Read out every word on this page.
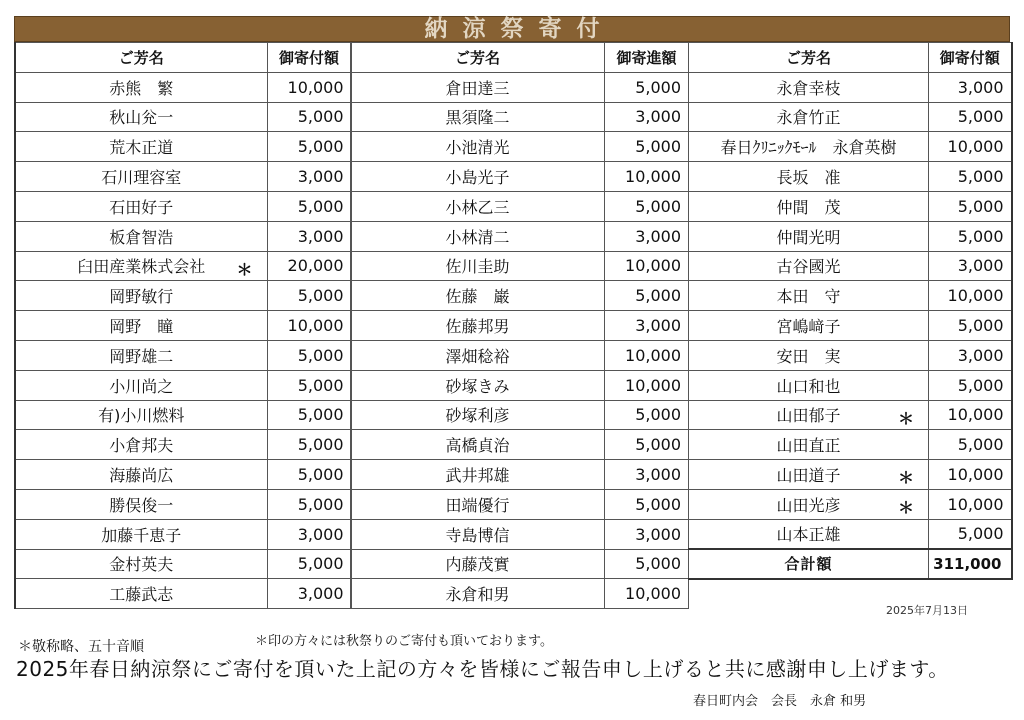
納涼祭寄付
ご芳名	御寄付額
赤熊　繁	10,000
秋山兊一	5,000
荒木正道	5,000
石川理容室	3,000
石田好子	5,000
板倉智浩	3,000
臼田産業株式会社 ＊	20,000
岡野敏行	5,000
岡野　瞳	10,000
岡野雄二	5,000
小川尚之	5,000
有)小川燃料	5,000
小倉邦夫	5,000
海藤尚広	5,000
勝俣俊一	5,000
加藤千恵子	3,000
金村英夫	5,000
工藤武志	3,000
ご芳名	御寄進額
倉田達三	5,000
黒須隆二	3,000
小池清光	5,000
小島光子	10,000
小林乙三	5,000
小林清二	3,000
佐川圭助	10,000
佐藤　巌	5,000
佐藤邦男	3,000
澤畑稔裕	10,000
砂塚きみ	10,000
砂塚利彦	5,000
高橋貞治	5,000
武井邦雄	3,000
田端優行	5,000
寺島博信	3,000
内藤茂實	5,000
永倉和男	10,000
ご芳名	御寄付額
永倉幸枝	3,000
永倉竹正	5,000
春日ｸﾘﾆｯｸﾓｰﾙ　永倉英樹	10,000
長坂　准	5,000
仲間　茂	5,000
仲間光明	5,000
古谷國光	3,000
本田　守	10,000
宮嶋﨑子	5,000
安田　実	3,000
山口和也	5,000
山田郁子 ＊	10,000
山田直正	5,000
山田道子 ＊	10,000
山田光彦 ＊	10,000
山本正雄	5,000
合計額	311,000
2025年7月13日
＊敬称略、五十音順	＊印の方々には秋祭りのご寄付も頂いております。
2025年春日納涼祭にご寄付を頂いた上記の方々を皆様にご報告申し上げると共に感謝申し上げます。
春日町内会　会長　永倉 和男
